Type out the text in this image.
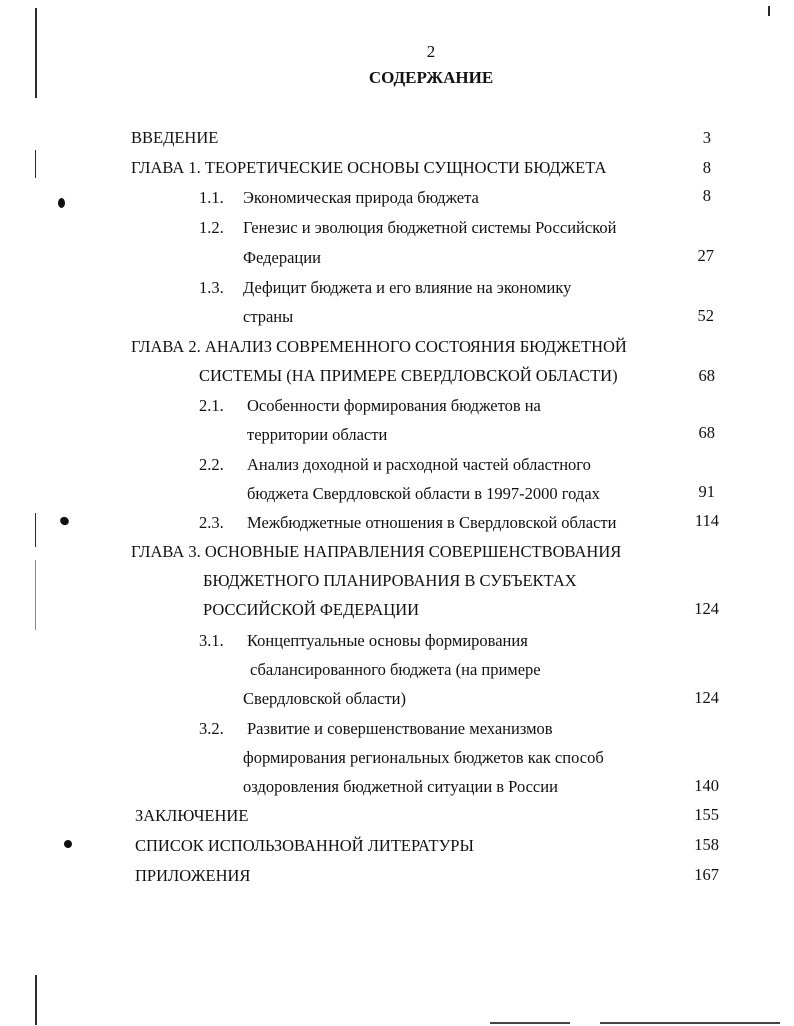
2
СОДЕРЖАНИЕ
ВВЕДЕНИЕ	3
ГЛАВА 1. ТЕОРЕТИЧЕСКИЕ ОСНОВЫ СУЩНОСТИ БЮДЖЕТА	8
1.1. Экономическая природа бюджета	8
1.2. Генезис и эволюция бюджетной системы Российской
Федерации	27
1.3. Дефицит бюджета и его влияние на экономику
страны	52
ГЛАВА 2. АНАЛИЗ СОВРЕМЕННОГО СОСТОЯНИЯ БЮДЖЕТНОЙ
СИСТЕМЫ (НА ПРИМЕРЕ СВЕРДЛОВСКОЙ ОБЛАСТИ)	68
2.1. Особенности формирования бюджетов на
территории области	68
2.2. Анализ доходной и расходной частей областного
бюджета Свердловской области в 1997-2000 годах	91
2.3. Межбюджетные отношения в Свердловской области	114
ГЛАВА 3. ОСНОВНЫЕ НАПРАВЛЕНИЯ СОВЕРШЕНСТВОВАНИЯ
БЮДЖЕТНОГО ПЛАНИРОВАНИЯ В СУБЪЕКТАХ
РОССИЙСКОЙ ФЕДЕРАЦИИ	124
3.1. Концептуальные основы формирования
сбалансированного бюджета (на примере
Свердловской области)	124
3.2. Развитие и совершенствование механизмов
формирования региональных бюджетов как способ
оздоровления бюджетной ситуации в России	140
ЗАКЛЮЧЕНИЕ	155
СПИСОК ИСПОЛЬЗОВАННОЙ ЛИТЕРАТУРЫ	158
ПРИЛОЖЕНИЯ	167
